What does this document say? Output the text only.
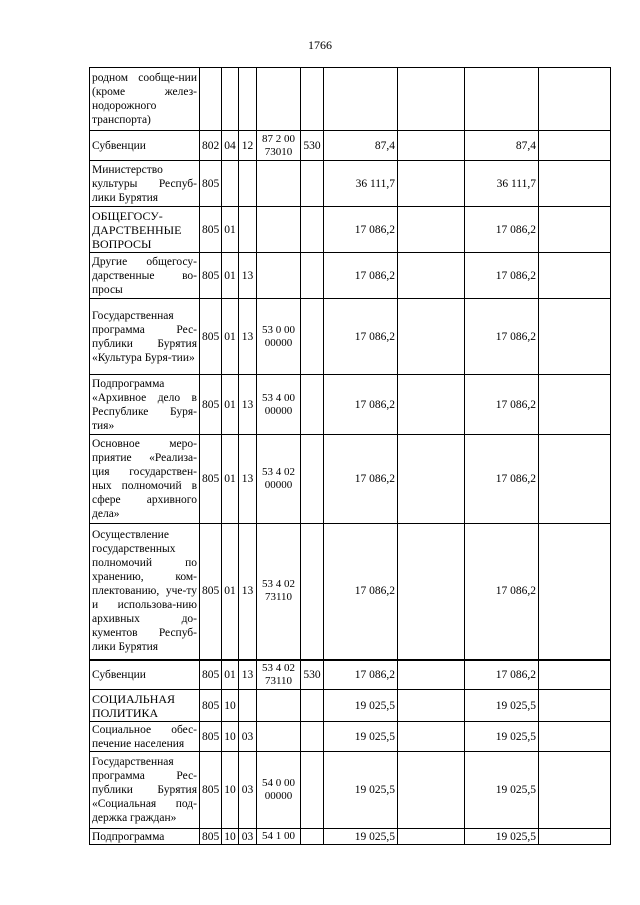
1766
родном сообще-нии (кроме желез-нодорожного транспорта)									
Субвенции	802	04	12	87 2 00 73010	530	87,4		87,4	
Министерство культуры Респуб-лики Бурятия	805					36 111,7		36 111,7	
ОБЩЕГОСУ-ДАРСТВЕННЫЕ ВОПРОСЫ	805	01				17 086,2		17 086,2	
Другие общегосу-дарственные во-просы	805	01	13			17 086,2		17 086,2	
Государственная программа Рес-публики Бурятия «Культура Буря-тии»	805	01	13	53 0 00 00000		17 086,2		17 086,2	
Подпрограмма «Архивное дело в Республике Буря-тия»	805	01	13	53 4 00 00000		17 086,2		17 086,2	
Основное меро-приятие «Реализа-ция государствен-ных полномочий в сфере архивного дела»	805	01	13	53 4 02 00000		17 086,2		17 086,2	
Осуществление государственных полномочий по хранению, ком-плектованию, уче-ту и использова-нию архивных до-кументов Респуб-лики Бурятия	805	01	13	53 4 02 73110		17 086,2		17 086,2	
Субвенции	805	01	13	53 4 02 73110	530	17 086,2		17 086,2	
СОЦИАЛЬНАЯ ПОЛИТИКА	805	10				19 025,5		19 025,5	
Социальное обес-печение населения	805	10	03			19 025,5		19 025,5	
Государственная программа Рес-публики Бурятия «Социальная под-держка граждан»	805	10	03	54 0 00 00000		19 025,5		19 025,5	
Подпрограмма	805	10	03	54 1 00		19 025,5		19 025,5	
